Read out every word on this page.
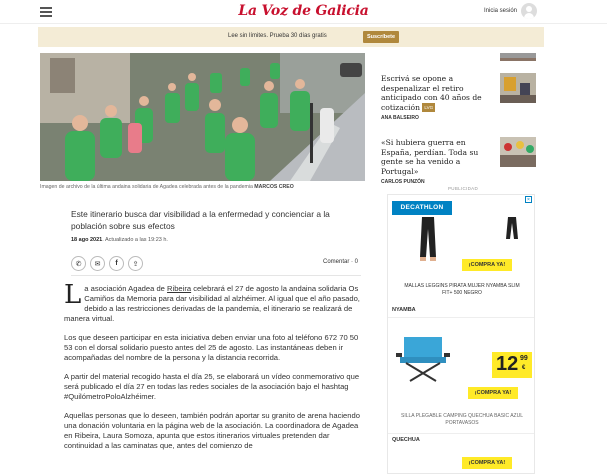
La Voz de Galicia	Inicia sesión
Lee sin límites. Prueba 30 días gratis	Suscríbete
Imagen de archivo de la última andaina solidaria de Agadea celebrada antes de la pandemia MARCOS CREO
Este itinerario busca dar visibilidad a la enfermedad y concienciar a la población sobre sus efectos
18 ago 2021. Actualizado a las 19:23 h.
✆	✉	f	⇪	Comentar · 0

La asociación Agadea de Ribeira celebrará el 27 de agosto la andaina solidaria Os Camiños da Memoria para dar visibilidad al alzhéimer. Al igual que el año pasado, debido a las restricciones derivadas de la pandemia, el itinerario se realizará de manera virtual.

Los que deseen participar en esta iniciativa deben enviar una foto al teléfono 672 70 50 53 con el dorsal solidario puesto antes del 25 de agosto. Las instantáneas deben ir acompañadas del nombre de la persona y la distancia recorrida.

A partir del material recogido hasta el día 25, se elaborará un vídeo conmemorativo que será publicado el día 27 en todas las redes sociales de la asociación bajo el hashtag #QuilómetroPoloAlzhéimer.

Aquellas personas que lo deseen, también podrán aportar su granito de arena haciendo una donación voluntaria en la página web de la asociación. La coordinadora de Agadea en Ribeira, Laura Somoza, apunta que estos itinerarios virtuales pretenden dar continuidad a las caminatas que, antes del comienzo de

Escrivá se opone a despenalizar el retiro anticipado con 40 años de cotización LVG
ANA BALSEIRO
«Si hubiera guerra en España, perdían. Toda su gente se ha venido a Portugal»
CARLOS PUNZÓN
PUBLICIDAD
×
DECATHLON
¡COMPRA YA!
MALLAS LEGGINS PIRATA MUJER NYAMBA SLIM
FIT+ 500 NEGRO
NYAMBA
12 99
€
¡COMPRA YA!
SILLA PLEGABLE CAMPING QUECHUA BASIC AZUL
PORTAVASOS
QUECHUA
¡COMPRA YA!
